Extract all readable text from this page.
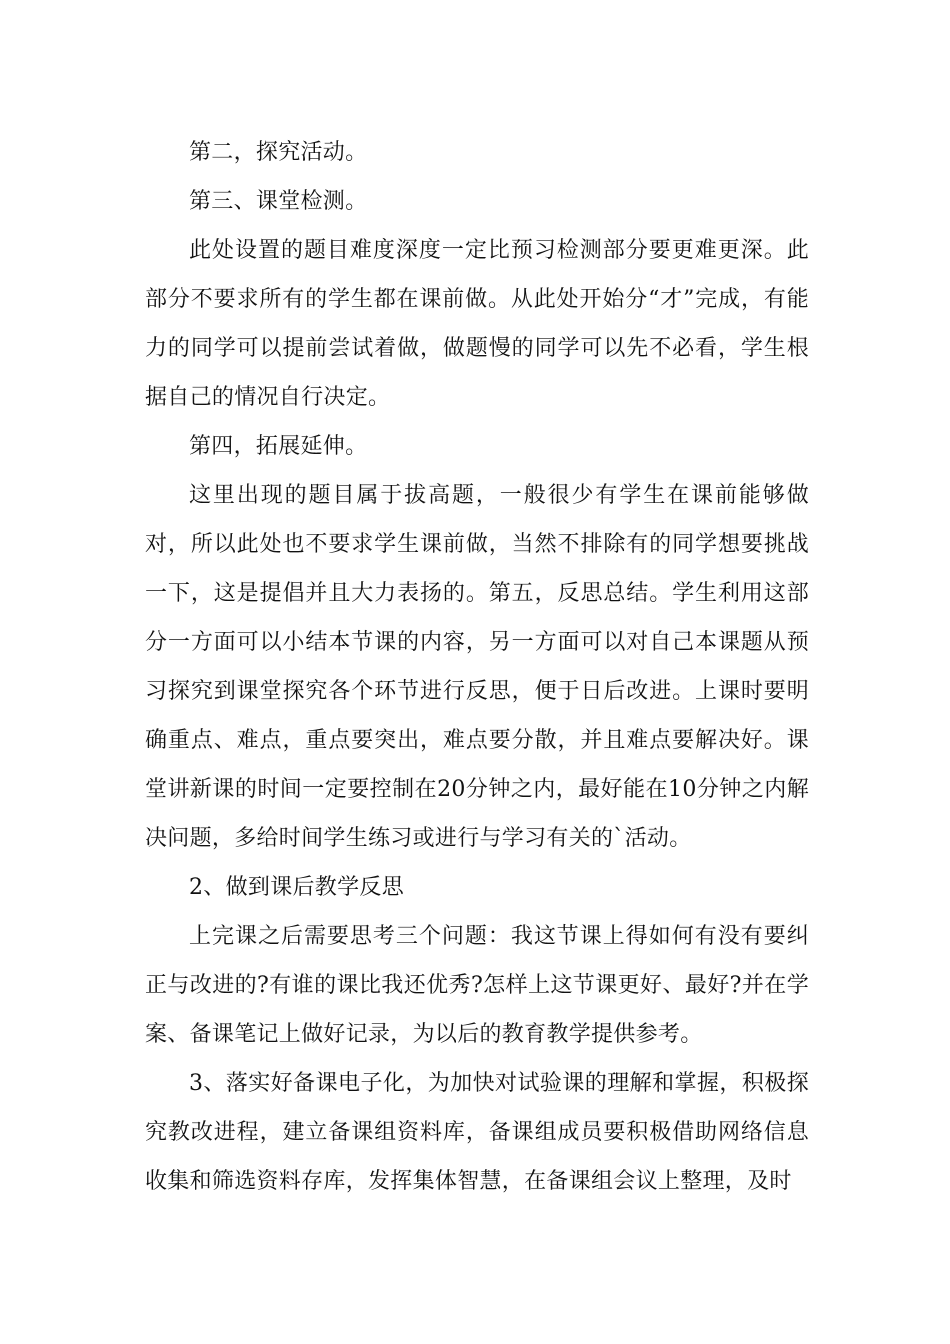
第二，探究活动。

第三、课堂检测。

此处设置的题目难度深度一定比预习检测部分要更难更深。此部分不要求所有的学生都在课前做。从此处开始分“才”完成，有能力的同学可以提前尝试着做，做题慢的同学可以先不必看，学生根据自己的情况自行决定。

第四，拓展延伸。

这里出现的题目属于拔高题，一般很少有学生在课前能够做对，所以此处也不要求学生课前做，当然不排除有的同学想要挑战一下，这是提倡并且大力表扬的。第五，反思总结。学生利用这部分一方面可以小结本节课的内容，另一方面可以对自己本课题从预习探究到课堂探究各个环节进行反思，便于日后改进。上课时要明确重点、难点，重点要突出，难点要分散，并且难点要解决好。课堂讲新课的时间一定要控制在20分钟之内，最好能在10分钟之内解决问题，多给时间学生练习或进行与学习有关的`活动。

2、做到课后教学反思

上完课之后需要思考三个问题：我这节课上得如何有没有要纠正与改进的?有谁的课比我还优秀?怎样上这节课更好、最好?并在学案、备课笔记上做好记录，为以后的教育教学提供参考。

3、落实好备课电子化，为加快对试验课的理解和掌握，积极探究教改进程，建立备课组资料库，备课组成员要积极借助网络信息收集和筛选资料存库，发挥集体智慧，在备课组会议上整理，及时
